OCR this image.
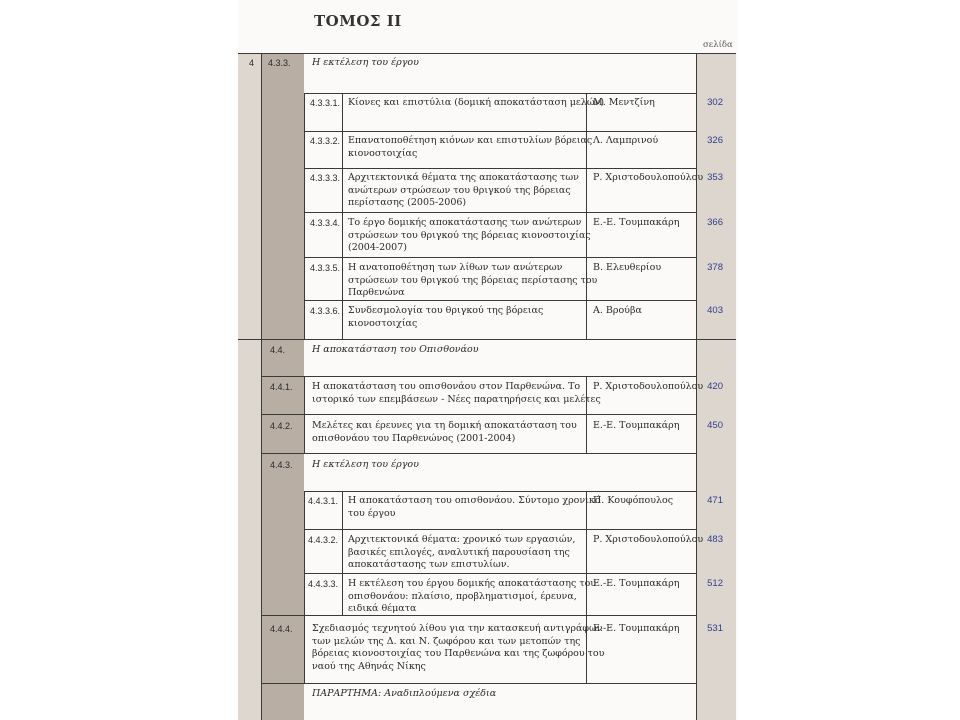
ΤΟΜΟΣ ΙΙ
σελίδα
4 4.3.3. Η εκτέλεση του έργου
4.3.3.1. Κίονες και επιστύλια (δομική αποκατάσταση μελών)
Μ. Μεντζίνη	302
4.3.3.2. Επανατοποθέτηση κιόνων και επιστυλίων βόρειας
κιονοστοιχίας
Λ. Λαμπρινού	326
4.3.3.3. Αρχιτεκτονικά θέματα της αποκατάστασης των
ανώτερων στρώσεων του θριγκού της βόρειας
περίστασης (2005-2006)
Ρ. Χριστοδουλοπούλου 353
4.3.3.4. Το έργο δομικής αποκατάστασης των ανώτερων
στρώσεων του θριγκού της βόρειας κιονοστοιχίας
(2004-2007)
Ε.-Ε. Τουμπακάρη	366
4.3.3.5. Η ανατοποθέτηση των λίθων των ανώτερων
στρώσεων του θριγκού της βόρειας περίστασης του
Παρθενώνα
Β. Ελευθερίου	378
4.3.3.6. Συνδεσμολογία του θριγκού της βόρειας
κιονοστοιχίας
Α. Βρούβα	403
4.4.	Η αποκατάσταση του Οπισθονάου
4.4.1. Η αποκατάσταση του οπισθονάου στον Παρθενώνα. Το
ιστορικό των επεμβάσεων - Νέες παρατηρήσεις και μελέτες
Ρ. Χριστοδουλοπούλου 420
4.4.2. Μελέτες και έρευνες για τη δομική αποκατάσταση του
οπισθονάου του Παρθενώνος (2001-2004)
Ε.-Ε. Τουμπακάρη	450
4.4.3. Η εκτέλεση του έργου
4.4.3.1. Η αποκατάσταση του οπισθονάου. Σύντομο χρονικό
του έργου
Π. Κουφόπουλος	471
4.4.3.2. Αρχιτεκτονικά θέματα: χρονικό των εργασιών,
βασικές επιλογές, αναλυτική παρουσίαση της
αποκατάστασης των επιστυλίων.
Ρ. Χριστοδουλοπούλου 483
4.4.3.3. Η εκτέλεση του έργου δομικής αποκατάστασης του
οπισθονάου: πλαίσιο, προβληματισμοί, έρευνα,
ειδικά θέματα
Ε.-Ε. Τουμπακάρη	512
4.4.4. Σχεδιασμός τεχνητού λίθου για την κατασκευή αντιγράφων
των μελών της Δ. και Ν. ζωφόρου και των μετοπών της
βόρειας κιονοστοιχίας του Παρθενώνα και της ζωφόρου του
ναού της Αθηνάς Νίκης
Ε.-Ε. Τουμπακάρη	531
ΠΑΡΑΡΤΗΜΑ: Αναδιπλούμενα σχέδια
